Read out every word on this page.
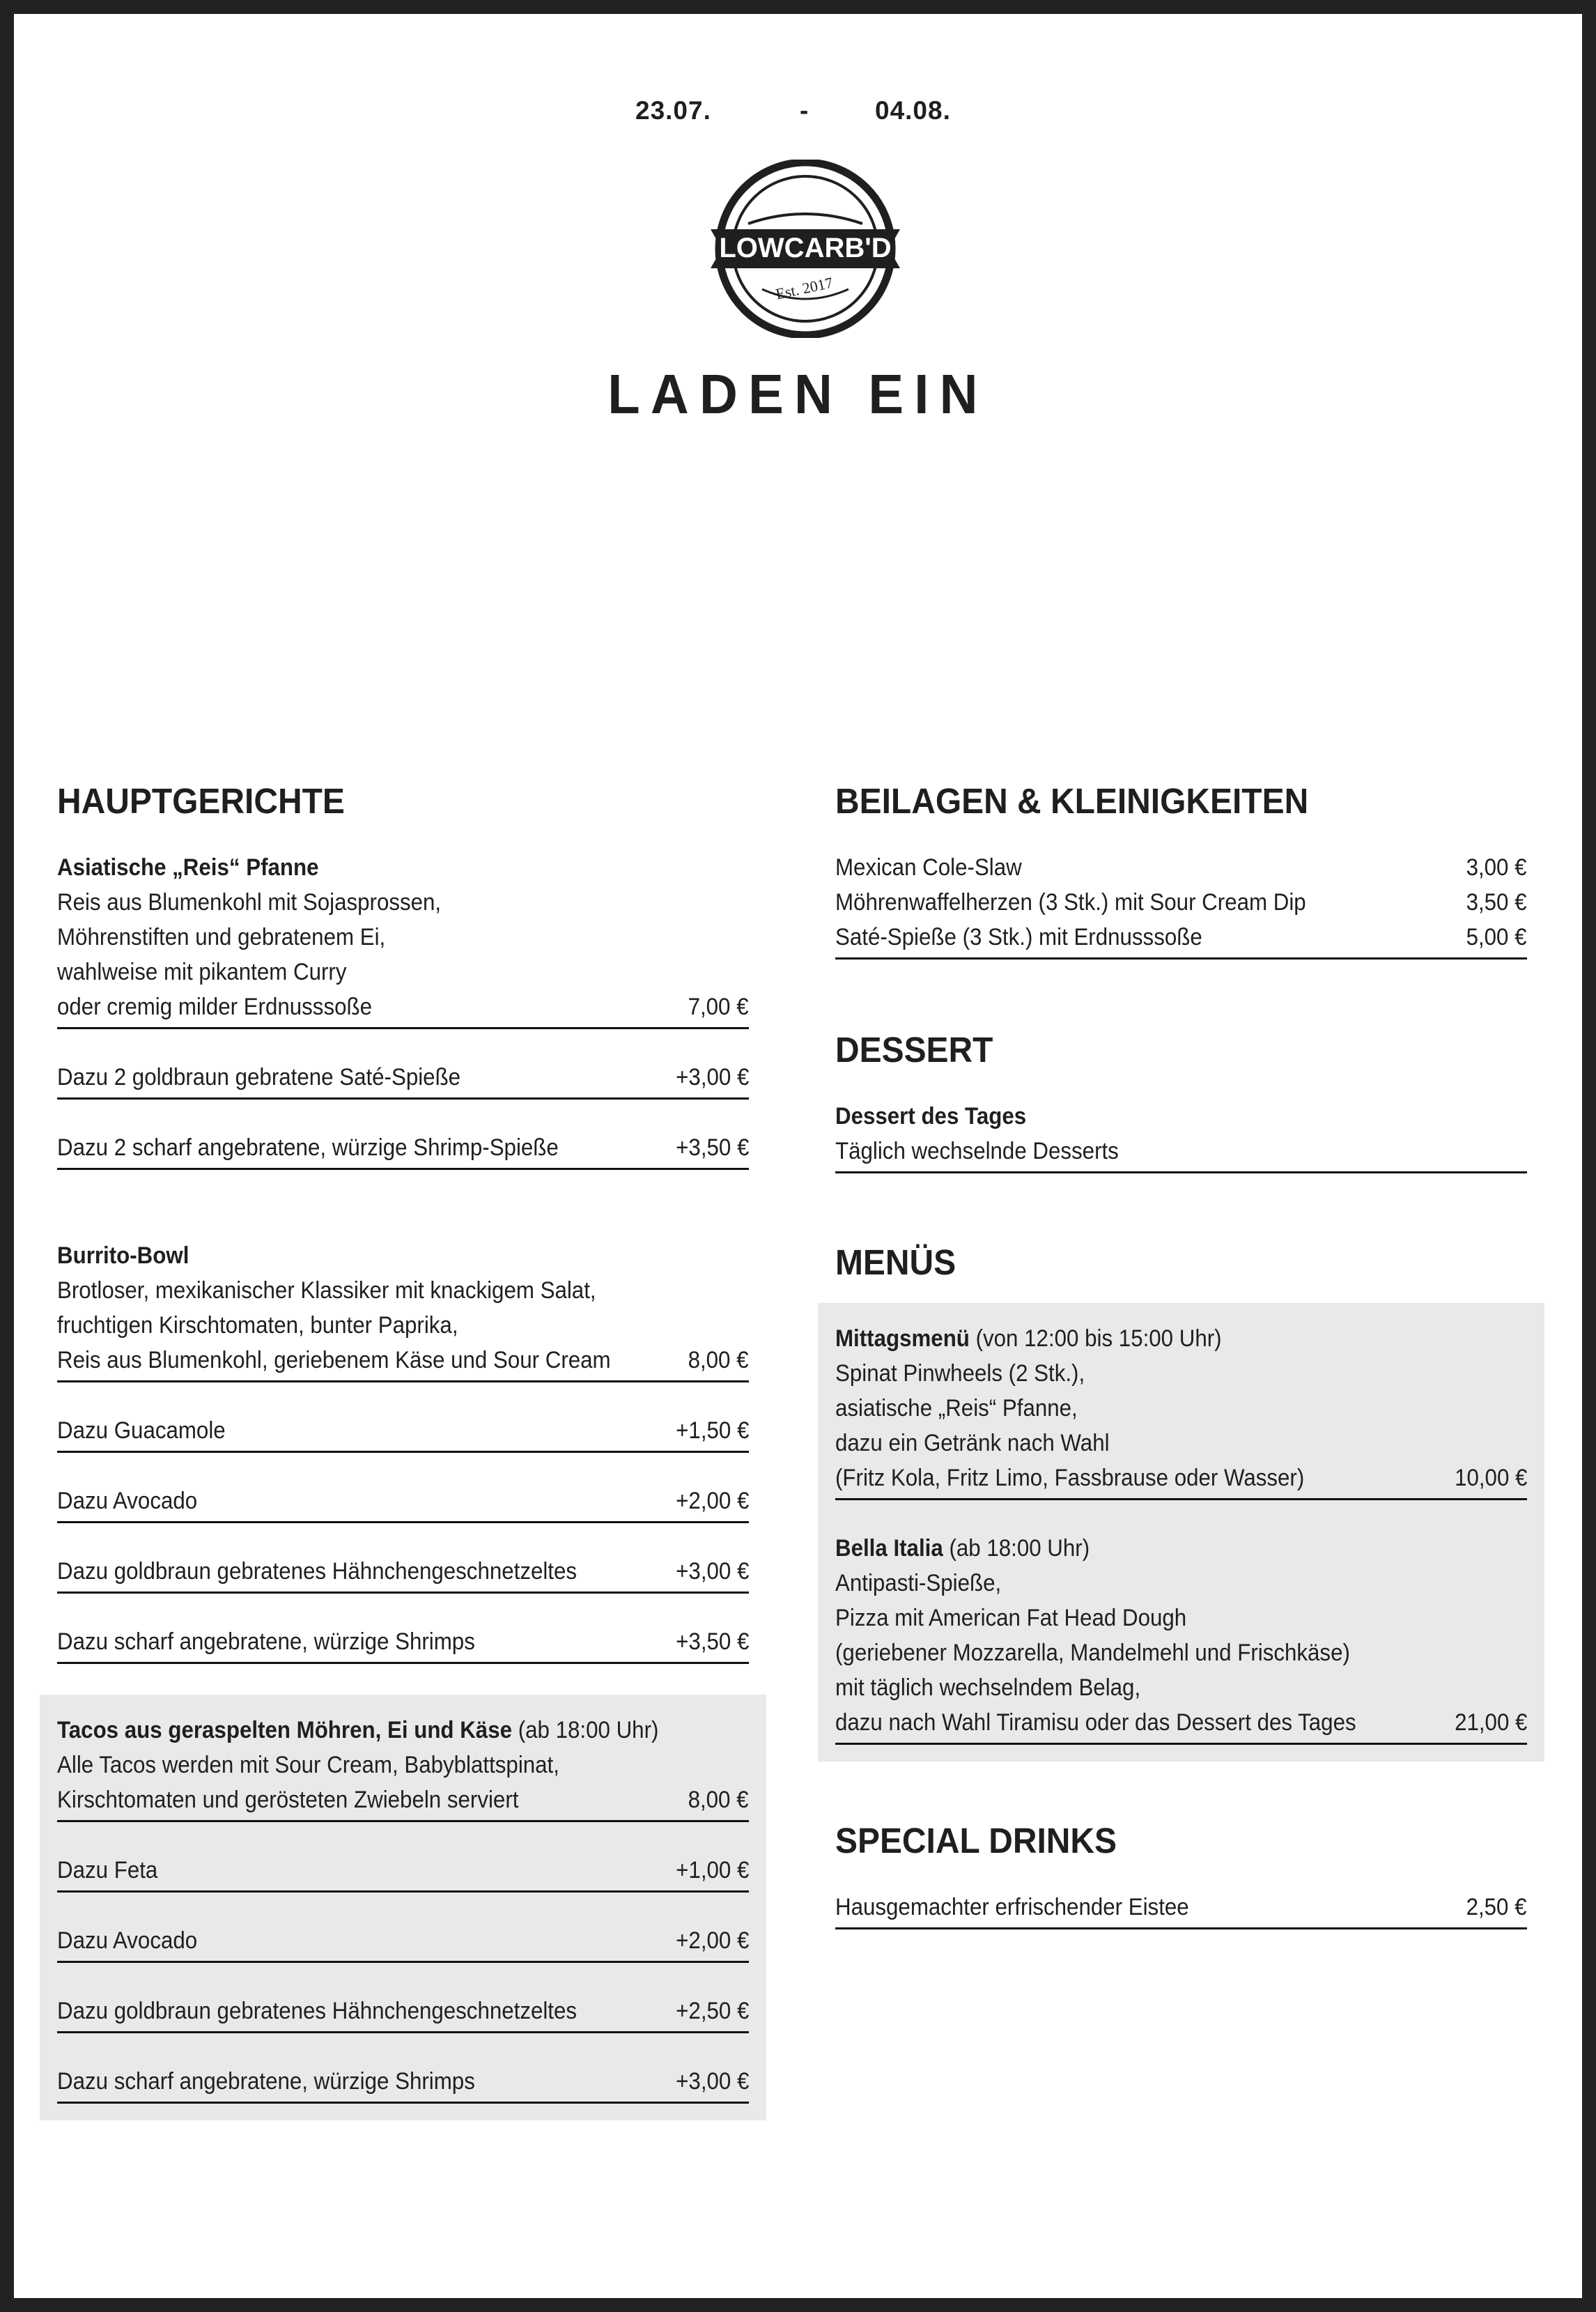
23.07.	-	04.08.
LOWCARB'D
Est. 2017
LADEN EIN
HAUPTGERICHTE
Asiatische „Reis“ Pfanne
Reis aus Blumenkohl mit Sojasprossen,
Möhrenstiften und gebratenem Ei,
wahlweise mit pikantem Curry
oder cremig milder Erdnusssoße	7,00 €
Dazu 2 goldbraun gebratene Saté-Spieße	+3,00 €
Dazu 2 scharf angebratene, würzige Shrimp-Spieße	+3,50 €
Burrito-Bowl
Brotloser, mexikanischer Klassiker mit knackigem Salat,
fruchtigen Kirschtomaten, bunter Paprika,
Reis aus Blumenkohl, geriebenem Käse und Sour Cream	8,00 €
Dazu Guacamole	+1,50 €
Dazu Avocado	+2,00 €
Dazu goldbraun gebratenes Hähnchengeschnetzeltes	+3,00 €
Dazu scharf angebratene, würzige Shrimps	+3,50 €
Tacos aus geraspelten Möhren, Ei und Käse (ab 18:00 Uhr)
Alle Tacos werden mit Sour Cream, Babyblattspinat,
Kirschtomaten und gerösteten Zwiebeln serviert	8,00 €
Dazu Feta	+1,00 €
Dazu Avocado	+2,00 €
Dazu goldbraun gebratenes Hähnchengeschnetzeltes	+2,50 €
Dazu scharf angebratene, würzige Shrimps	+3,00 €
BEILAGEN & KLEINIGKEITEN
Mexican Cole-Slaw	3,00 €
Möhrenwaffelherzen (3 Stk.) mit Sour Cream Dip	3,50 €
Saté-Spieße (3 Stk.) mit Erdnusssoße	5,00 €
DESSERT
Dessert des Tages
Täglich wechselnde Desserts
MENÜS
Mittagsmenü (von 12:00 bis 15:00 Uhr)
Spinat Pinwheels (2 Stk.),
asiatische „Reis“ Pfanne,
dazu ein Getränk nach Wahl
(Fritz Kola, Fritz Limo, Fassbrause oder Wasser)	10,00 €
Bella Italia (ab 18:00 Uhr)
Antipasti-Spieße,
Pizza mit American Fat Head Dough
(geriebener Mozzarella, Mandelmehl und Frischkäse)
mit täglich wechselndem Belag,
dazu nach Wahl Tiramisu oder das Dessert des Tages	21,00 €
SPECIAL DRINKS
Hausgemachter erfrischender Eistee	2,50 €
